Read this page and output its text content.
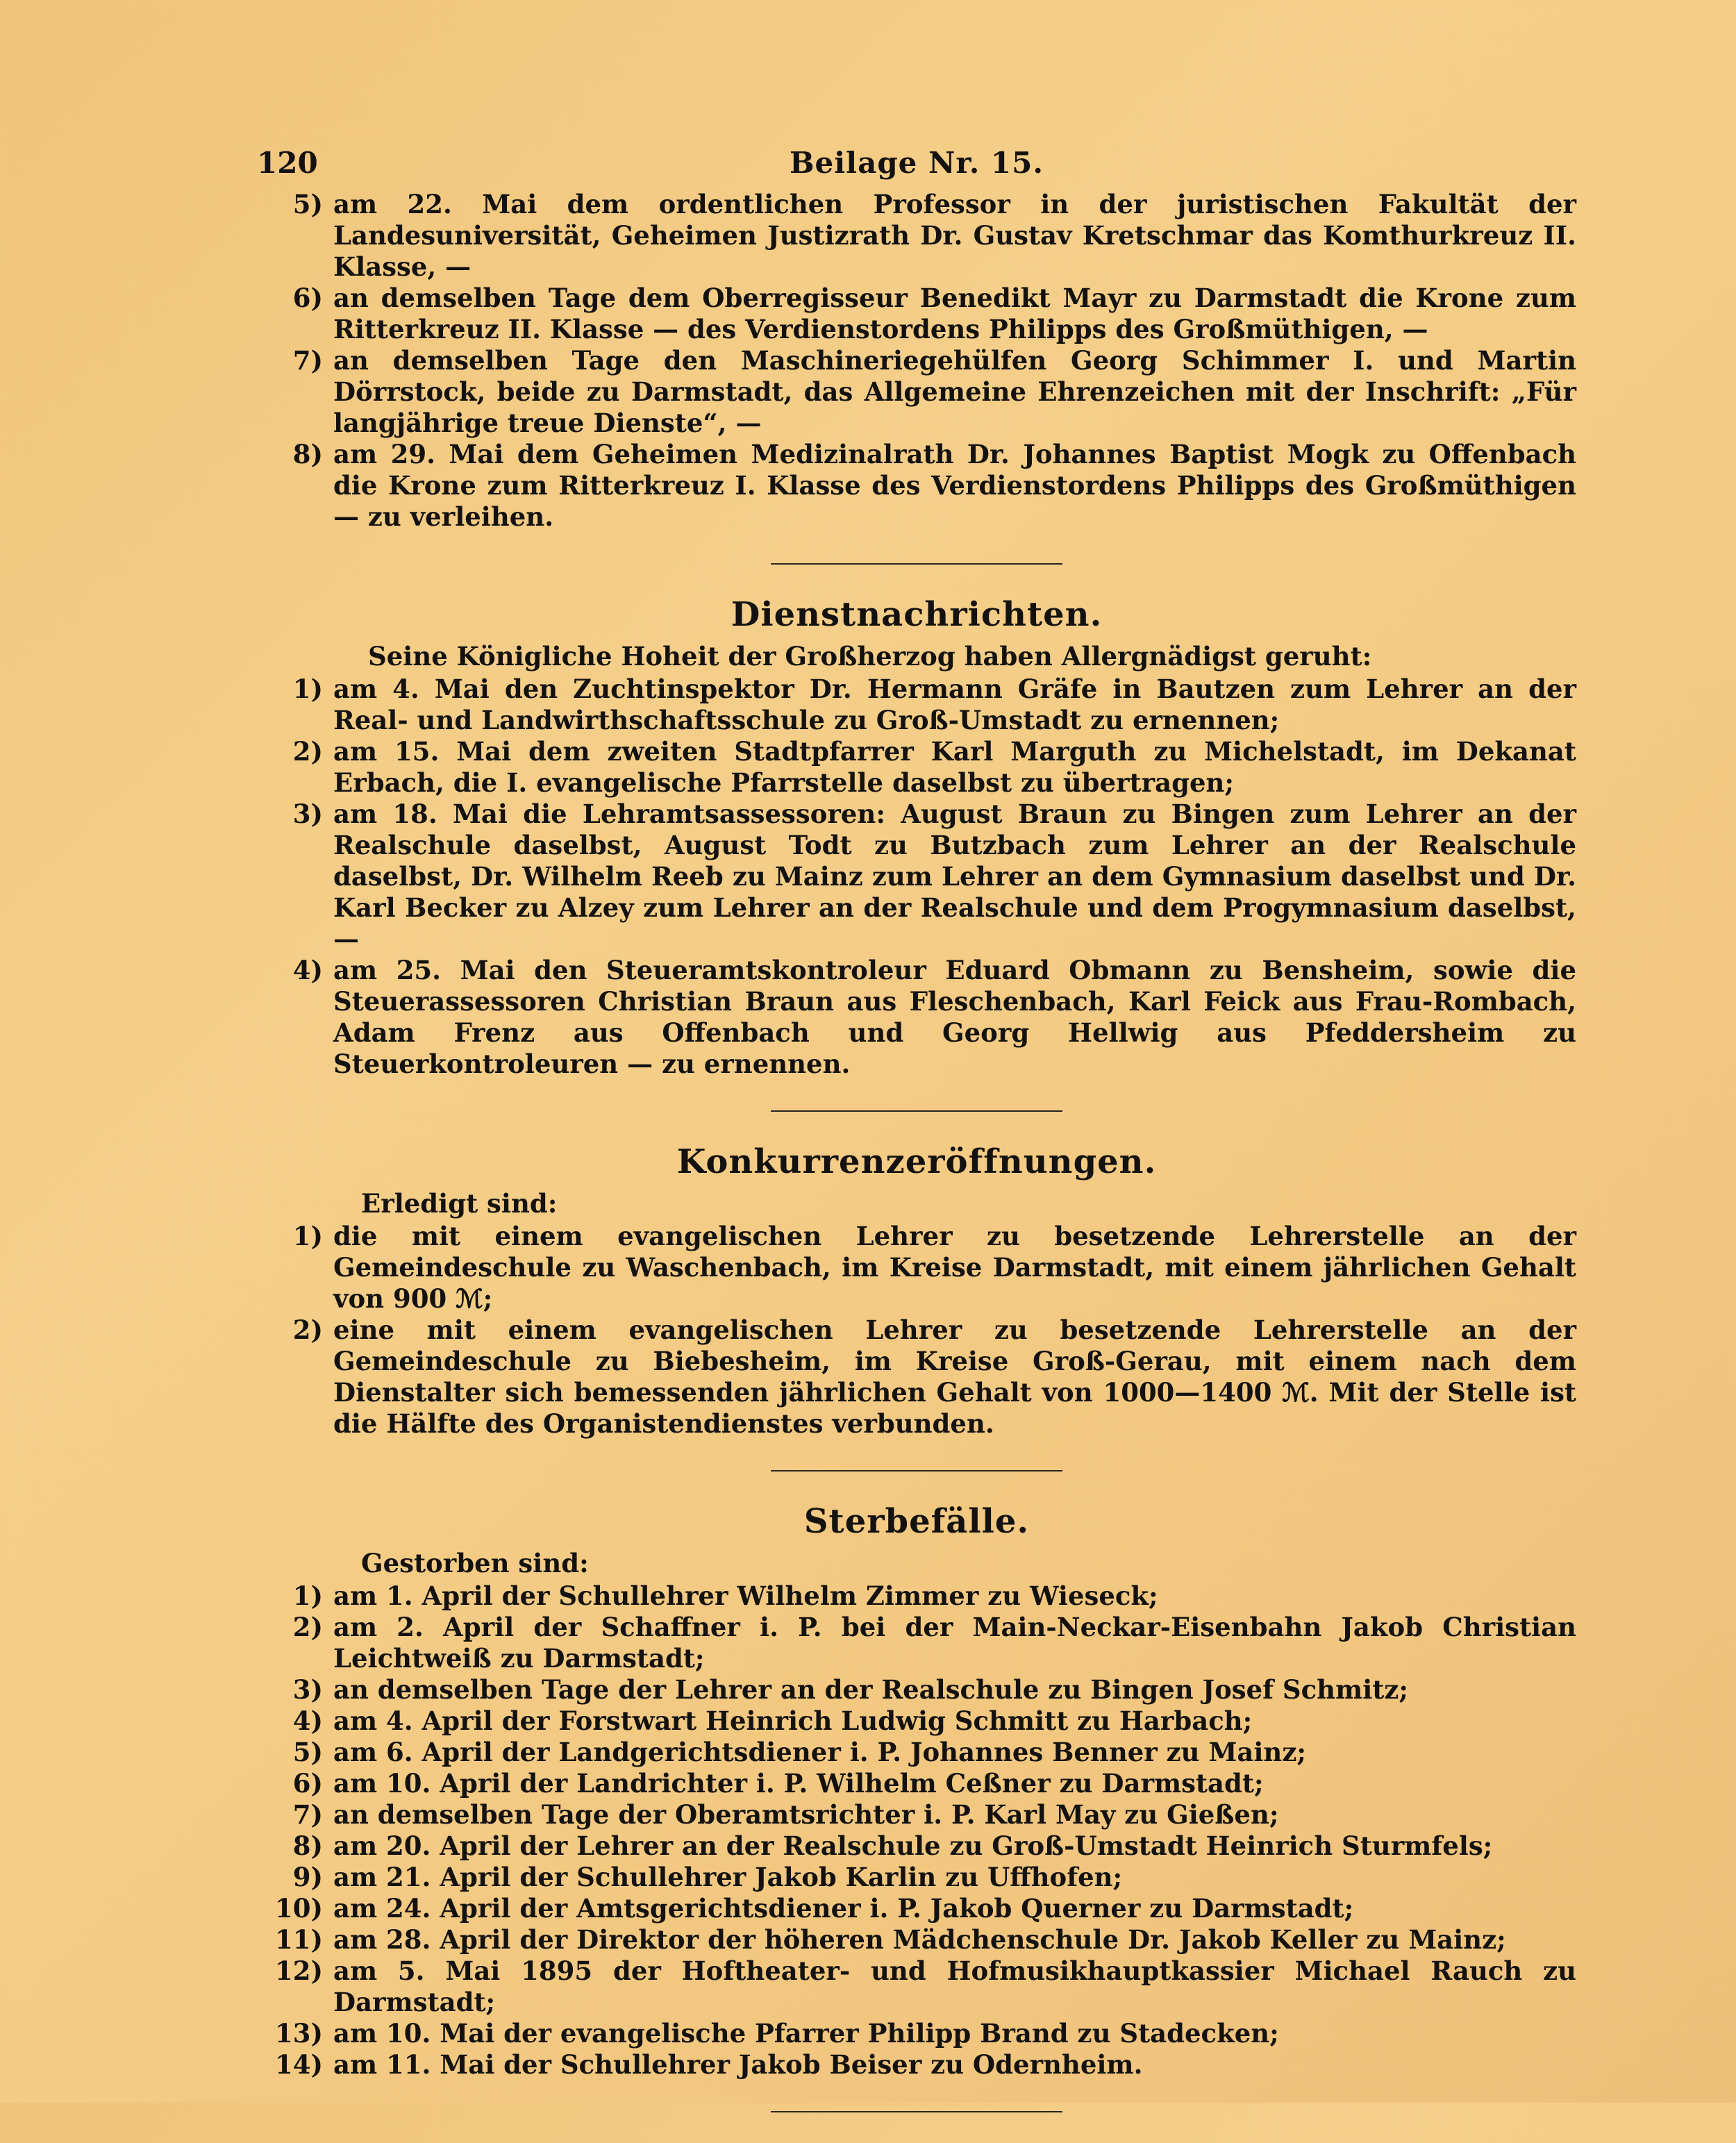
120	Beilage Nr. 15.
5) am 22. Mai dem ordentlichen Professor in der juristischen Fakultät der Landesuniversität, Geheimen Justizrath Dr. Gustav Kretschmar das Komthurkreuz II. Klasse, —
6) an demselben Tage dem Oberregisseur Benedikt Mayr zu Darmstadt die Krone zum Ritterkreuz II. Klasse — des Verdienstordens Philipps des Großmüthigen, —
7) an demselben Tage den Maschineriegehülfen Georg Schimmer I. und Martin Dörrstock, beide zu Darmstadt, das Allgemeine Ehrenzeichen mit der Inschrift: „Für langjährige treue Dienste“, —
8) am 29. Mai dem Geheimen Medizinalrath Dr. Johannes Baptist Mogk zu Offenbach die Krone zum Ritterkreuz I. Klasse des Verdienstordens Philipps des Großmüthigen — zu verleihen.
Dienstnachrichten.
Seine Königliche Hoheit der Großherzog haben Allergnädigst geruht:
1) am 4. Mai den Zuchtinspektor Dr. Hermann Gräfe in Bautzen zum Lehrer an der Real- und Landwirthschaftsschule zu Groß-Umstadt zu ernennen;
2) am 15. Mai dem zweiten Stadtpfarrer Karl Marguth zu Michelstadt, im Dekanat Erbach, die I. evangelische Pfarrstelle daselbst zu übertragen;
3) am 18. Mai die Lehramtsassessoren: August Braun zu Bingen zum Lehrer an der Realschule daselbst, August Todt zu Butzbach zum Lehrer an der Realschule daselbst, Dr. Wilhelm Reeb zu Mainz zum Lehrer an dem Gymnasium daselbst und Dr. Karl Becker zu Alzey zum Lehrer an der Realschule und dem Progymnasium daselbst, —
4) am 25. Mai den Steueramtskontroleur Eduard Obmann zu Bensheim, sowie die Steuerassessoren Christian Braun aus Fleschenbach, Karl Feick aus Frau-Rombach, Adam Frenz aus Offenbach und Georg Hellwig aus Pfeddersheim zu Steuerkontroleuren — zu ernennen.
Konkurrenzeröffnungen.
Erledigt sind:
1) die mit einem evangelischen Lehrer zu besetzende Lehrerstelle an der Gemeindeschule zu Waschenbach, im Kreise Darmstadt, mit einem jährlichen Gehalt von 900 ℳ;
2) eine mit einem evangelischen Lehrer zu besetzende Lehrerstelle an der Gemeindeschule zu Biebesheim, im Kreise Groß-Gerau, mit einem nach dem Dienstalter sich bemessenden jährlichen Gehalt von 1000—1400 ℳ. Mit der Stelle ist die Hälfte des Organistendienstes verbunden.
Sterbefälle.
Gestorben sind:
1) am 1. April der Schullehrer Wilhelm Zimmer zu Wieseck;
2) am 2. April der Schaffner i. P. bei der Main-Neckar-Eisenbahn Jakob Christian Leichtweiß zu Darmstadt;
3) an demselben Tage der Lehrer an der Realschule zu Bingen Josef Schmitz;
4) am 4. April der Forstwart Heinrich Ludwig Schmitt zu Harbach;
5) am 6. April der Landgerichtsdiener i. P. Johannes Benner zu Mainz;
6) am 10. April der Landrichter i. P. Wilhelm Ceßner zu Darmstadt;
7) an demselben Tage der Oberamtsrichter i. P. Karl May zu Gießen;
8) am 20. April der Lehrer an der Realschule zu Groß-Umstadt Heinrich Sturmfels;
9) am 21. April der Schullehrer Jakob Karlin zu Uffhofen;
10) am 24. April der Amtsgerichtsdiener i. P. Jakob Querner zu Darmstadt;
11) am 28. April der Direktor der höheren Mädchenschule Dr. Jakob Keller zu Mainz;
12) am 5. Mai 1895 der Hoftheater- und Hofmusikhauptkassier Michael Rauch zu Darmstadt;
13) am 10. Mai der evangelische Pfarrer Philipp Brand zu Stadecken;
14) am 11. Mai der Schullehrer Jakob Beiser zu Odernheim.
